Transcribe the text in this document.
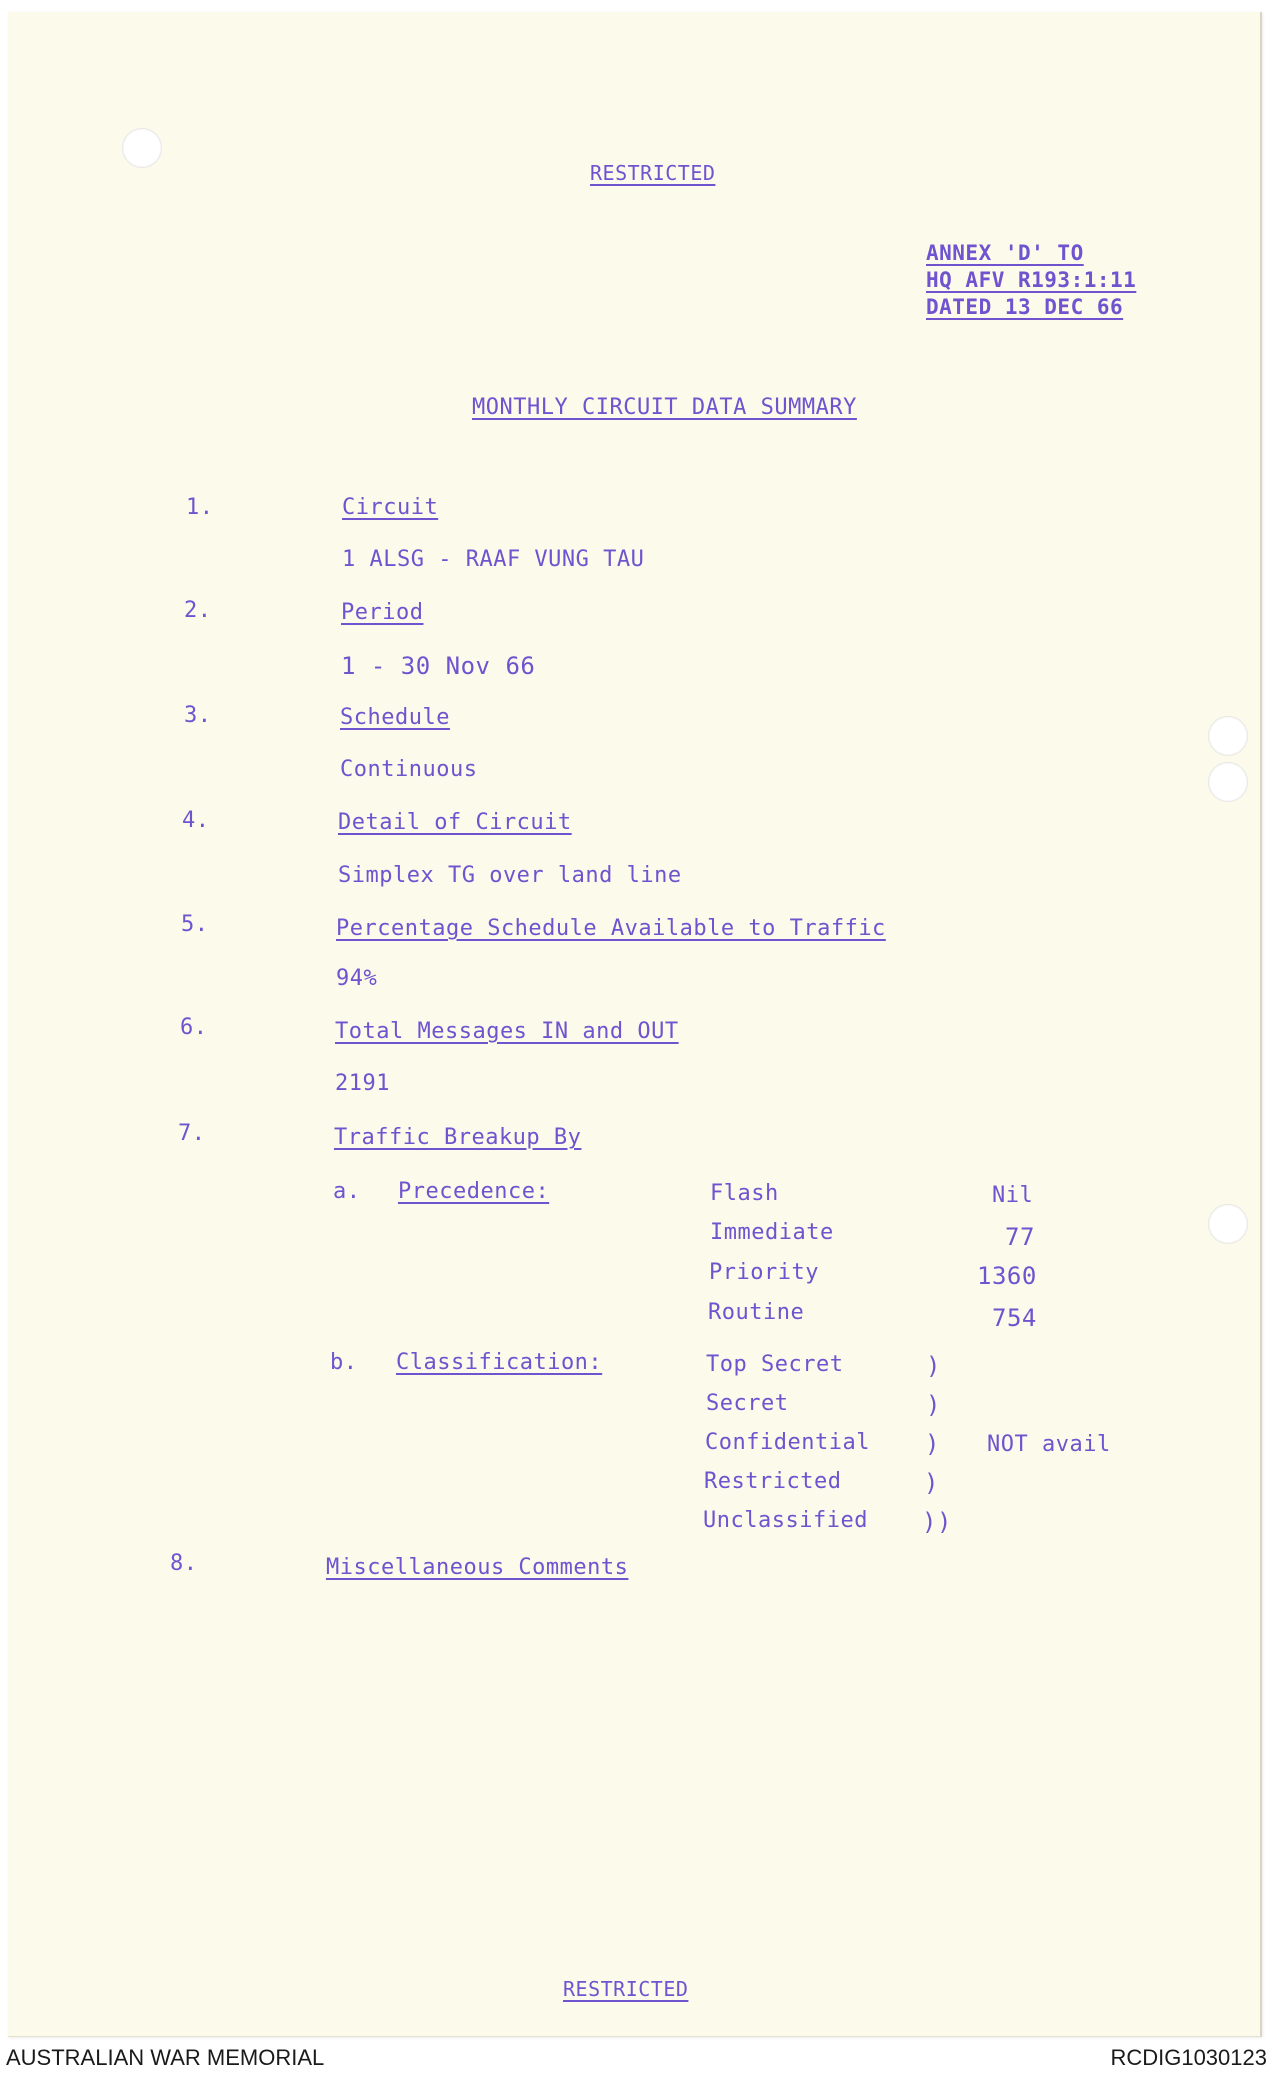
RESTRICTED
ANNEX 'D' TO
HQ AFV R193:1:11
DATED 13 DEC 66
MONTHLY CIRCUIT DATA SUMMARY
1.	Circuit
1 ALSG - RAAF VUNG TAU
2.	Period
1 - 30 Nov 66
3.	Schedule
Continuous
4.	Detail of Circuit
Simplex TG over land line
5.	Percentage Schedule Available to Traffic
94%
6.	Total Messages IN and OUT
2191
7.	Traffic Breakup By
a. Precedence:	Flash	Nil
Immediate	77
Priority	1360
Routine	754
b. Classification:	Top Secret	)
Secret	)
Confidential ) NOT avail
Restricted	)
Unclassified ))
8.	Miscellaneous Comments
RESTRICTED
AUSTRALIAN WAR MEMORIAL	RCDIG1030123
